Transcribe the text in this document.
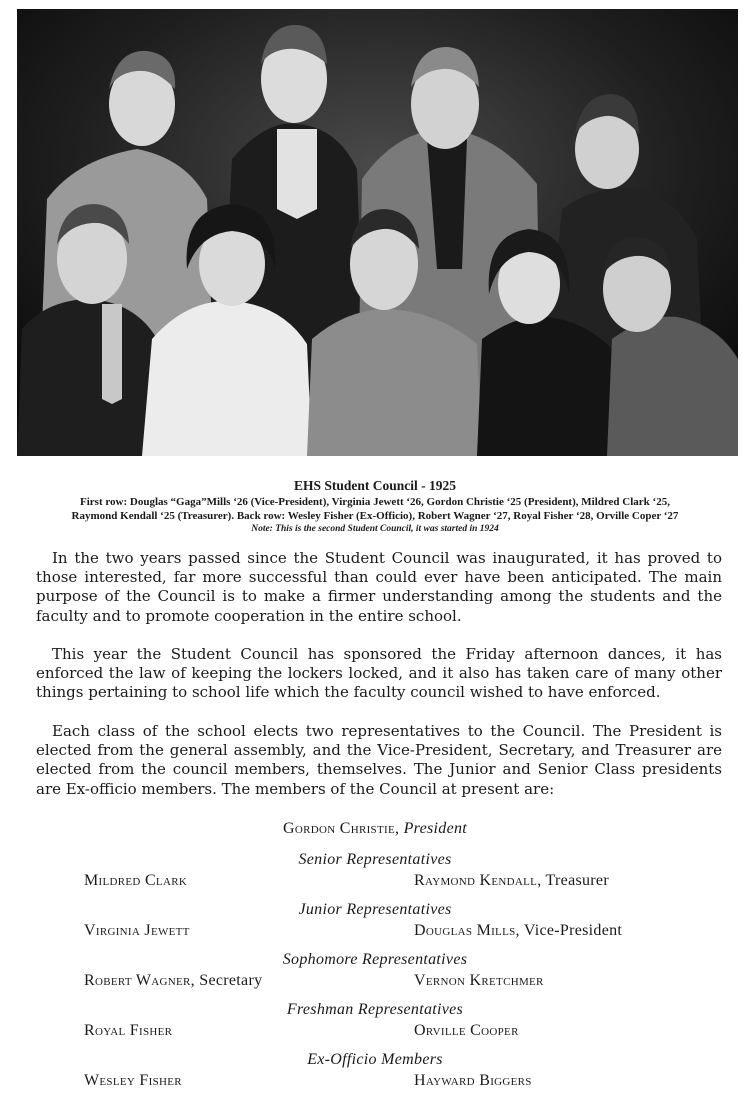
EHS Student Council - 1925
First row: Douglas “Gaga”Mills ‘26 (Vice-President), Virginia Jewett ‘26, Gordon Christie ‘25 (President), Mildred Clark ‘25,
Raymond Kendall ‘25 (Treasurer). Back row: Wesley Fisher (Ex-Officio), Robert Wagner ‘27, Royal Fisher ‘28, Orville Coper ‘27
Note: This is the second Student Council, it was started in 1924

In the two years passed since the Student Council was inaugurated, it has proved to those interested, far more successful than could ever have been anticipated. The main purpose of the Council is to make a firmer understanding among the students and the faculty and to promote cooperation in the entire school.

This year the Student Council has sponsored the Friday afternoon dances, it has enforced the law of keeping the lockers locked, and it also has taken care of many other things pertaining to school life which the faculty council wished to have enforced.

Each class of the school elects two representatives to the Council. The President is elected from the general assembly, and the Vice-President, Secretary, and Treasurer are elected from the council members, themselves. The Junior and Senior Class presidents are Ex-officio members. The members of the Council at present are:

Gordon Christie, President
Senior Representatives
Mildred Clark	Raymond Kendall, Treasurer
Junior Representatives
Virginia Jewett	Douglas Mills, Vice-President
Sophomore Representatives
Robert Wagner, Secretary	Vernon Kretchmer
Freshman Representatives
Royal Fisher	Orville Cooper
Ex-Officio Members
Wesley Fisher	Hayward Biggers
